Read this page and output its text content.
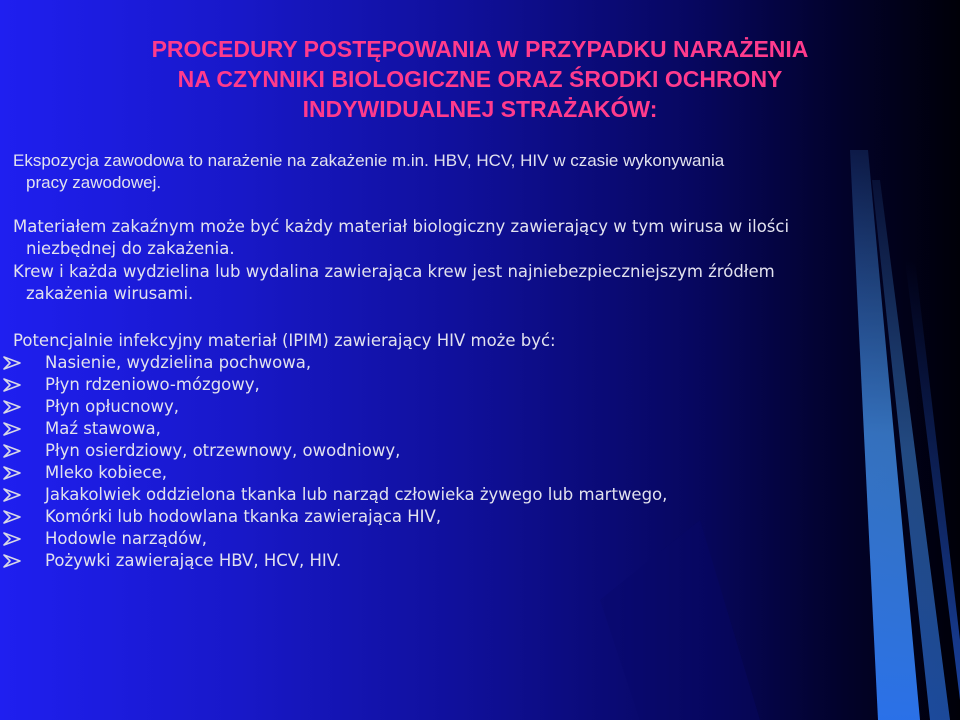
PROCEDURY POSTĘPOWANIA W PRZYPADKU NARAŻENIA
NA CZYNNIKI BIOLOGICZNE ORAZ ŚRODKI OCHRONY
INDYWIDUALNEJ STRAŻAKÓW:
Ekspozycja zawodowa to narażenie na zakażenie m.in. HBV, HCV, HIV w czasie wykonywania
pracy zawodowej.
Materiałem zakaźnym może być każdy materiał biologiczny zawierający w tym wirusa w ilości
niezbędnej do zakażenia.
Krew i każda wydzielina lub wydalina zawierająca krew jest najniebezpieczniejszym źródłem
zakażenia wirusami.

Potencjalnie infekcyjny materiał (IPIM) zawierający HIV może być:

Nasienie, wydzielina pochwowa,
Płyn rdzeniowo-mózgowy,
Płyn opłucnowy,
Maź stawowa,
Płyn osierdziowy, otrzewnowy, owodniowy,
Mleko kobiece,
Jakakolwiek oddzielona tkanka lub narząd człowieka żywego lub martwego,
Komórki lub hodowlana tkanka zawierająca HIV,
Hodowle narządów,
Pożywki zawierające HBV, HCV, HIV.
